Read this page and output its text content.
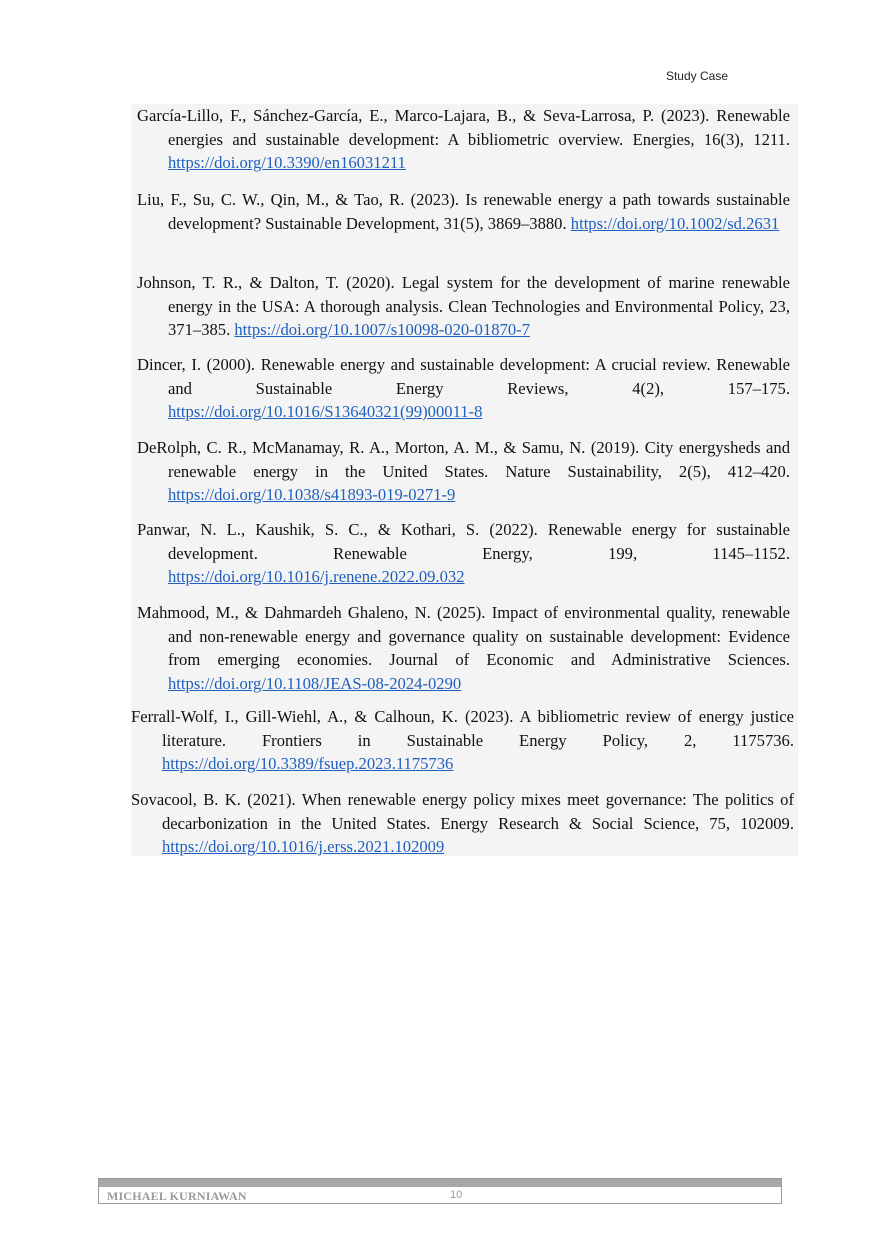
Study Case
García-Lillo, F., Sánchez-García, E., Marco-Lajara, B., & Seva-Larrosa, P. (2023). Renewable energies and sustainable development: A bibliometric overview. Energies, 16(3), 1211. https://doi.org/10.3390/en16031211
Liu, F., Su, C. W., Qin, M., & Tao, R. (2023). Is renewable energy a path towards sustainable development? Sustainable Development, 31(5), 3869–3880. https://doi.org/10.1002/sd.2631
Johnson, T. R., & Dalton, T. (2020). Legal system for the development of marine renewable energy in the USA: A thorough analysis. Clean Technologies and Environmental Policy, 23, 371–385. https://doi.org/10.1007/s10098-020-01870-7
Dincer, I. (2000). Renewable energy and sustainable development: A crucial review. Renewable and Sustainable Energy Reviews, 4(2), 157–175. https://doi.org/10.1016/S13640321(99)00011-8
DeRolph, C. R., McManamay, R. A., Morton, A. M., & Samu, N. (2019). City energysheds and renewable energy in the United States. Nature Sustainability, 2(5), 412–420. https://doi.org/10.1038/s41893-019-0271-9
Panwar, N. L., Kaushik, S. C., & Kothari, S. (2022). Renewable energy for sustainable development. Renewable Energy, 199, 1145–1152. https://doi.org/10.1016/j.renene.2022.09.032
Mahmood, M., & Dahmardeh Ghaleno, N. (2025). Impact of environmental quality, renewable and non-renewable energy and governance quality on sustainable development: Evidence from emerging economies. Journal of Economic and Administrative Sciences. https://doi.org/10.1108/JEAS-08-2024-0290
Ferrall-Wolf, I., Gill-Wiehl, A., & Calhoun, K. (2023). A bibliometric review of energy justice literature. Frontiers in Sustainable Energy Policy, 2, 1175736. https://doi.org/10.3389/fsuep.2023.1175736
Sovacool, B. K. (2021). When renewable energy policy mixes meet governance: The politics of decarbonization in the United States. Energy Research & Social Science, 75, 102009. https://doi.org/10.1016/j.erss.2021.102009
MICHAEL KURNIAWAN	10
